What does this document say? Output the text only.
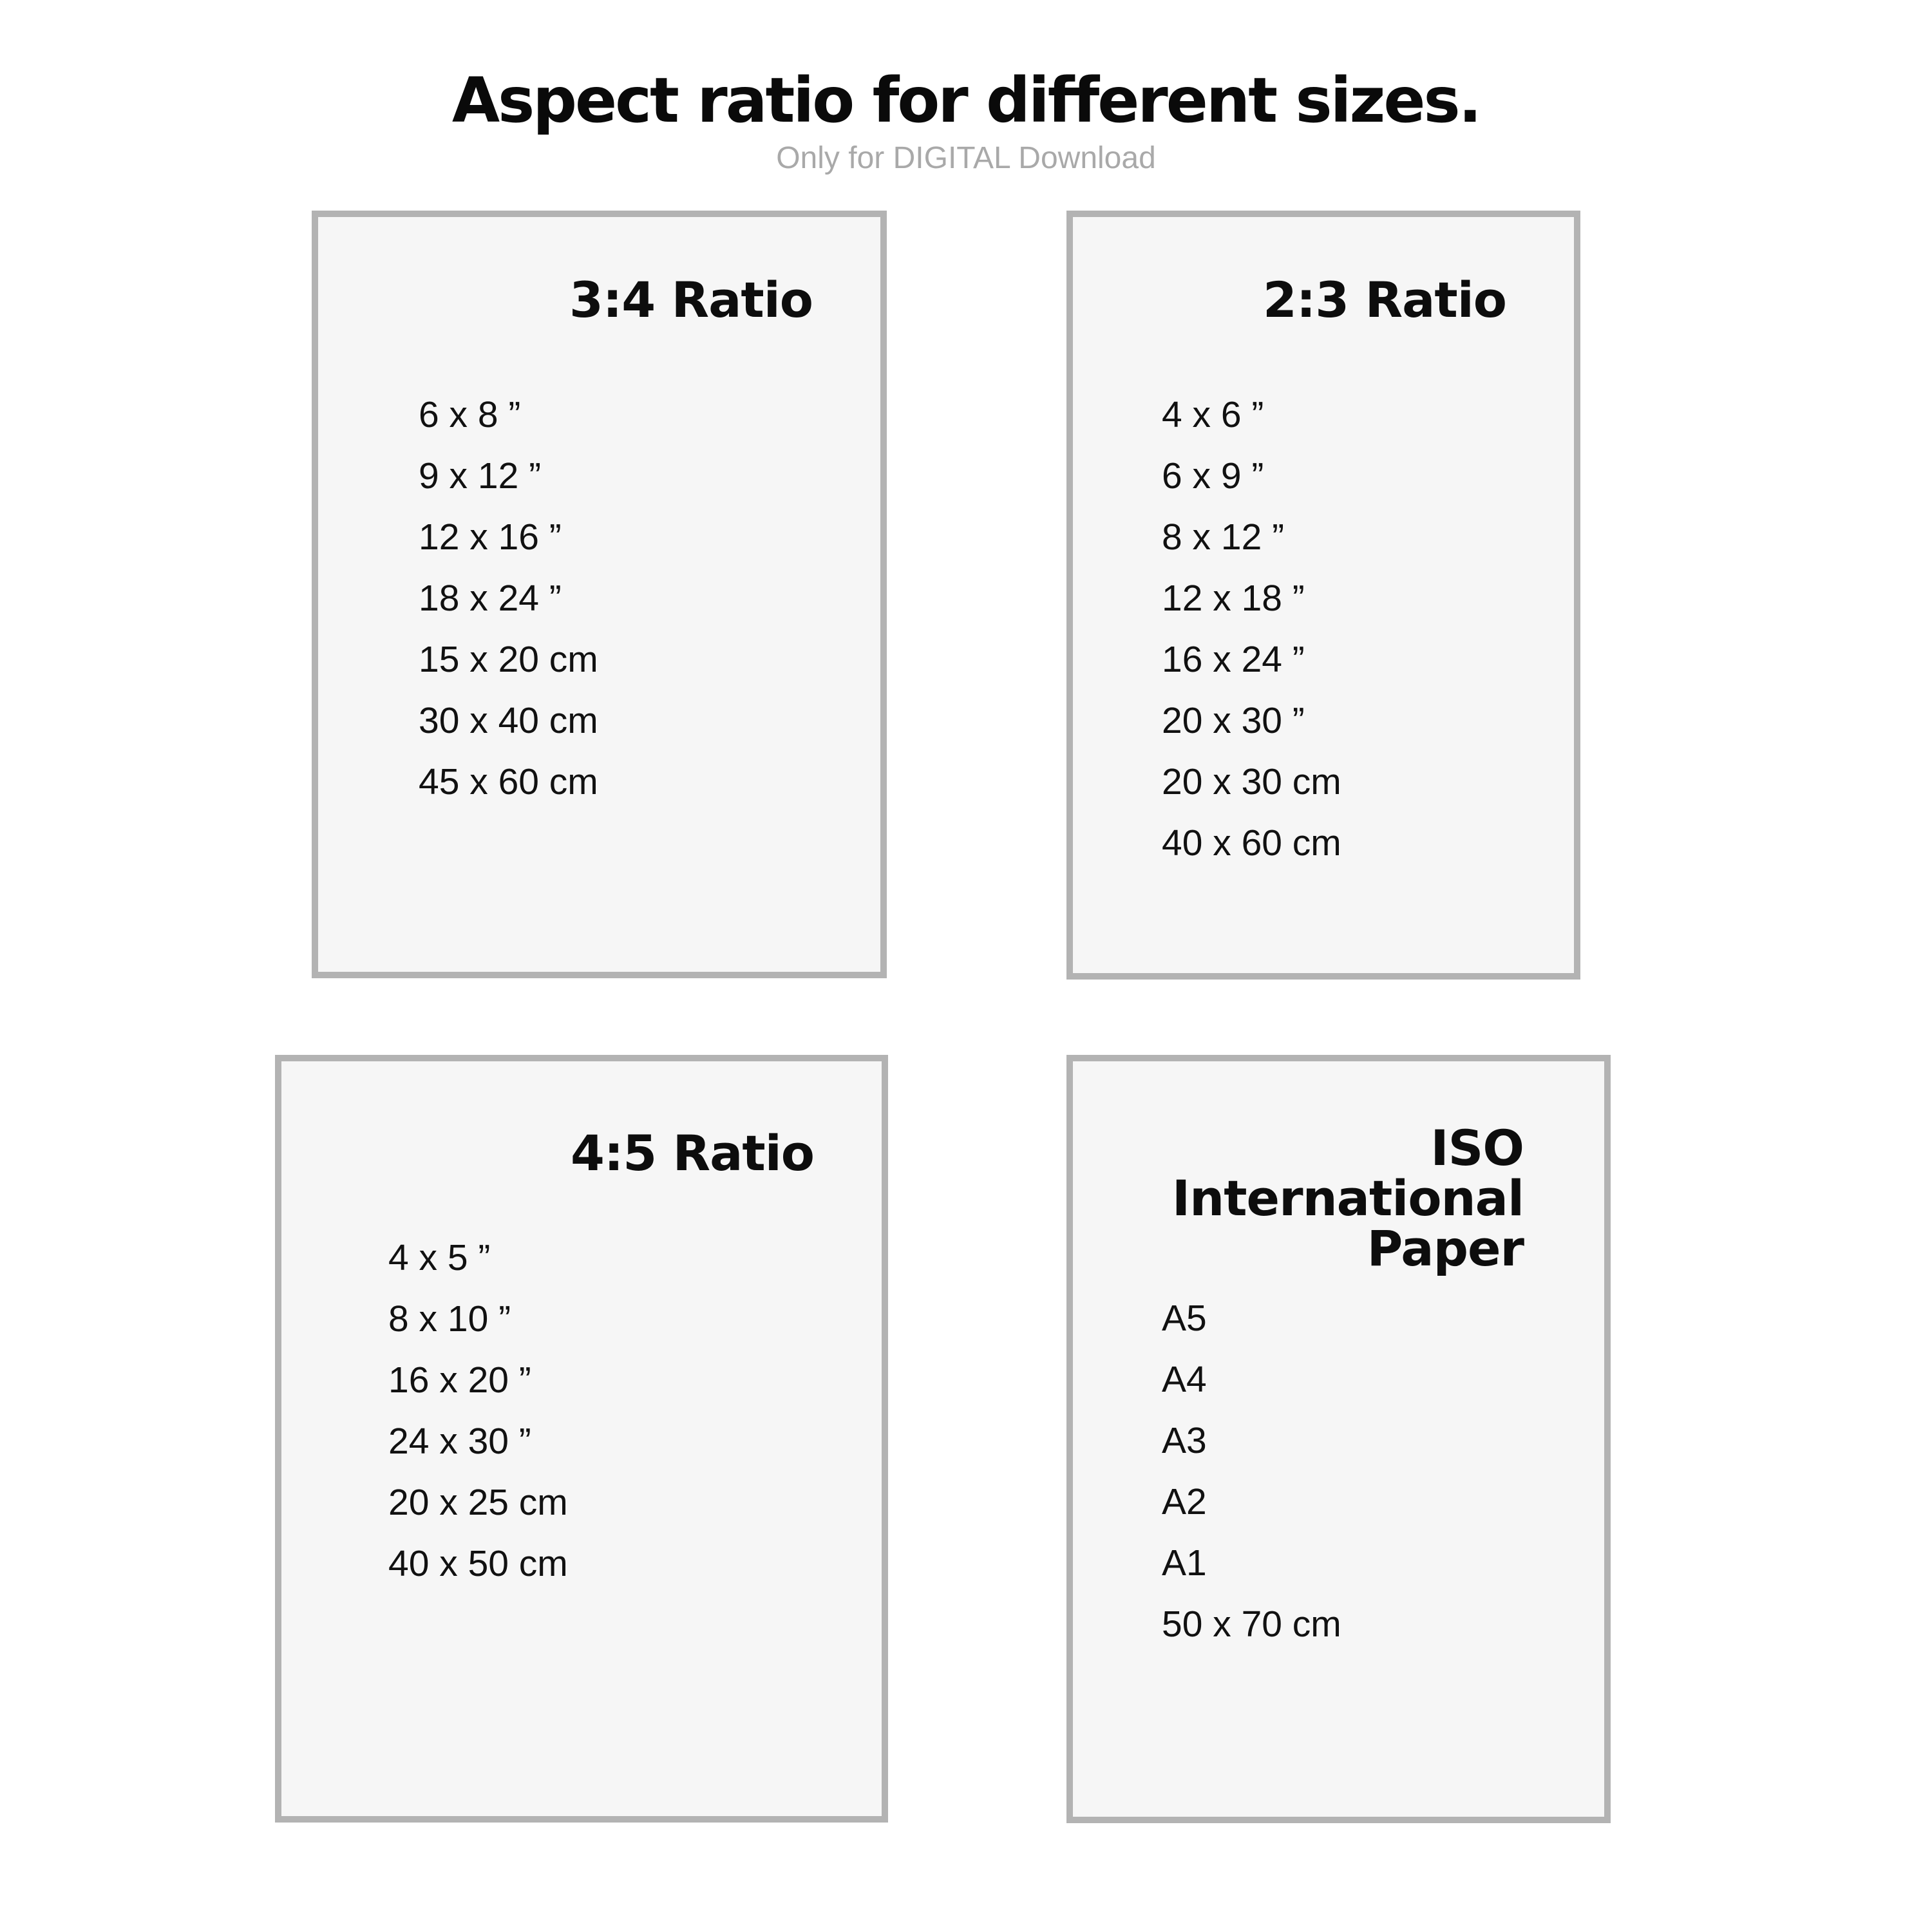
Aspect ratio for different sizes.
Only for DIGITAL Download
3:4 Ratio
6 x 8 ”
9 x 12 ”
12 x 16 ”
18 x 24 ”
15 x 20 cm
30 x 40 cm
45 x 60 cm
2:3 Ratio
4 x 6 ”
6 x 9 ”
8 x 12 ”
12 x 18 ”
16 x 24 ”
20 x 30 ”
20 x 30 cm
40 x 60 cm
4:5 Ratio
4 x 5 ”
8 x 10 ”
16 x 20 ”
24 x 30 ”
20 x 25 cm
40 x 50 cm
ISO
International
Paper
A5
A4
A3
A2
A1
50 x 70 cm
